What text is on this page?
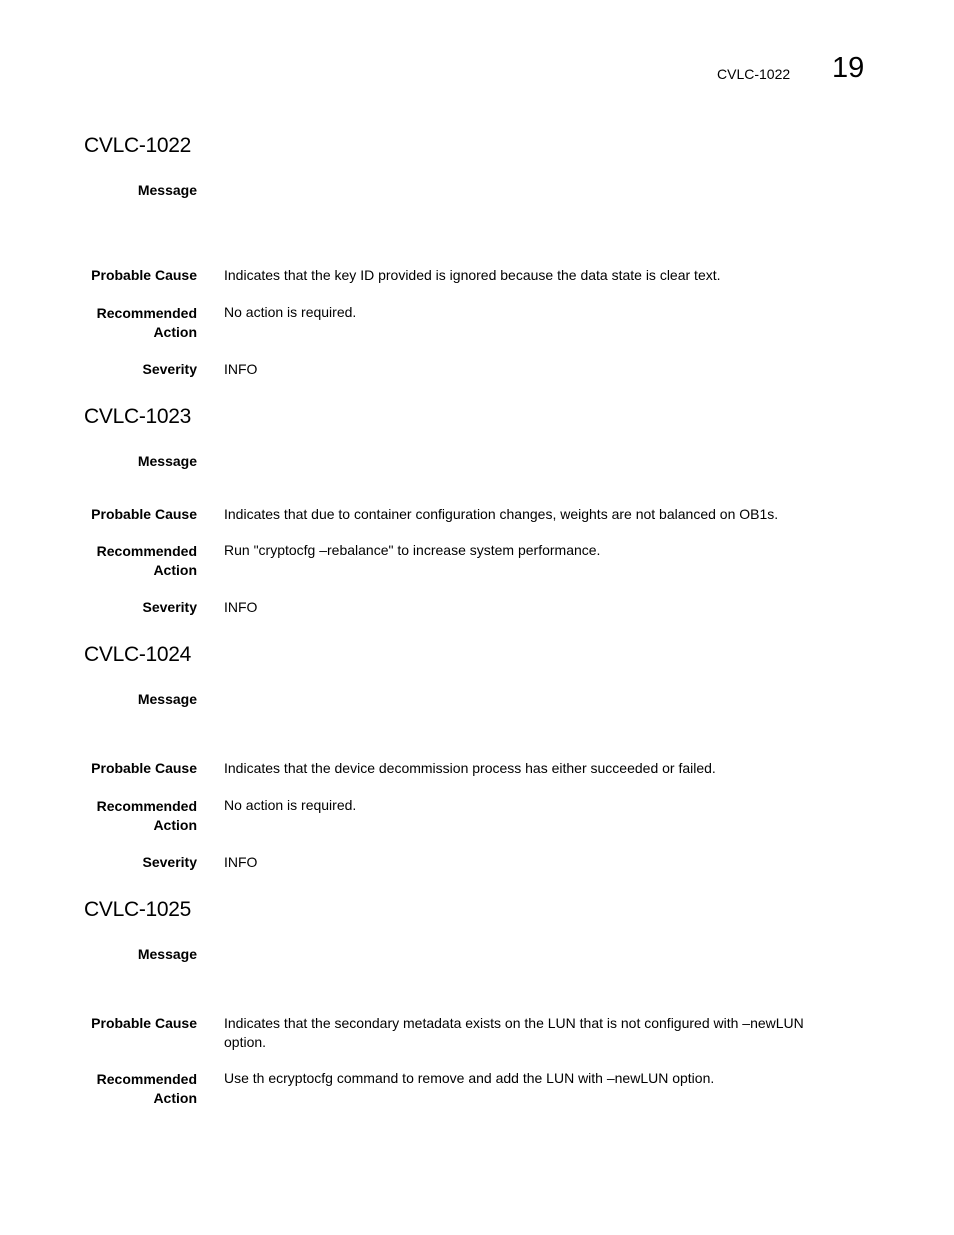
CVLC-1022 19
CVLC-1022
Message
Probable Cause Indicates that the key ID provided is ignored because the data state is clear text.
Recommended
Action
No action is required.
Severity INFO
CVLC-1023
Message
Probable Cause Indicates that due to container configuration changes, weights are not balanced on OB1s.
Recommended
Action
Run "cryptocfg –rebalance" to increase system performance.
Severity INFO
CVLC-1024
Message
Probable Cause Indicates that the device decommission process has either succeeded or failed.
Recommended
Action
No action is required.
Severity INFO
CVLC-1025
Message
Probable Cause Indicates that the secondary metadata exists on the LUN that is not configured with –newLUN
option.
Recommended
Action
Use th ecryptocfg command to remove and add the LUN with –newLUN option.
